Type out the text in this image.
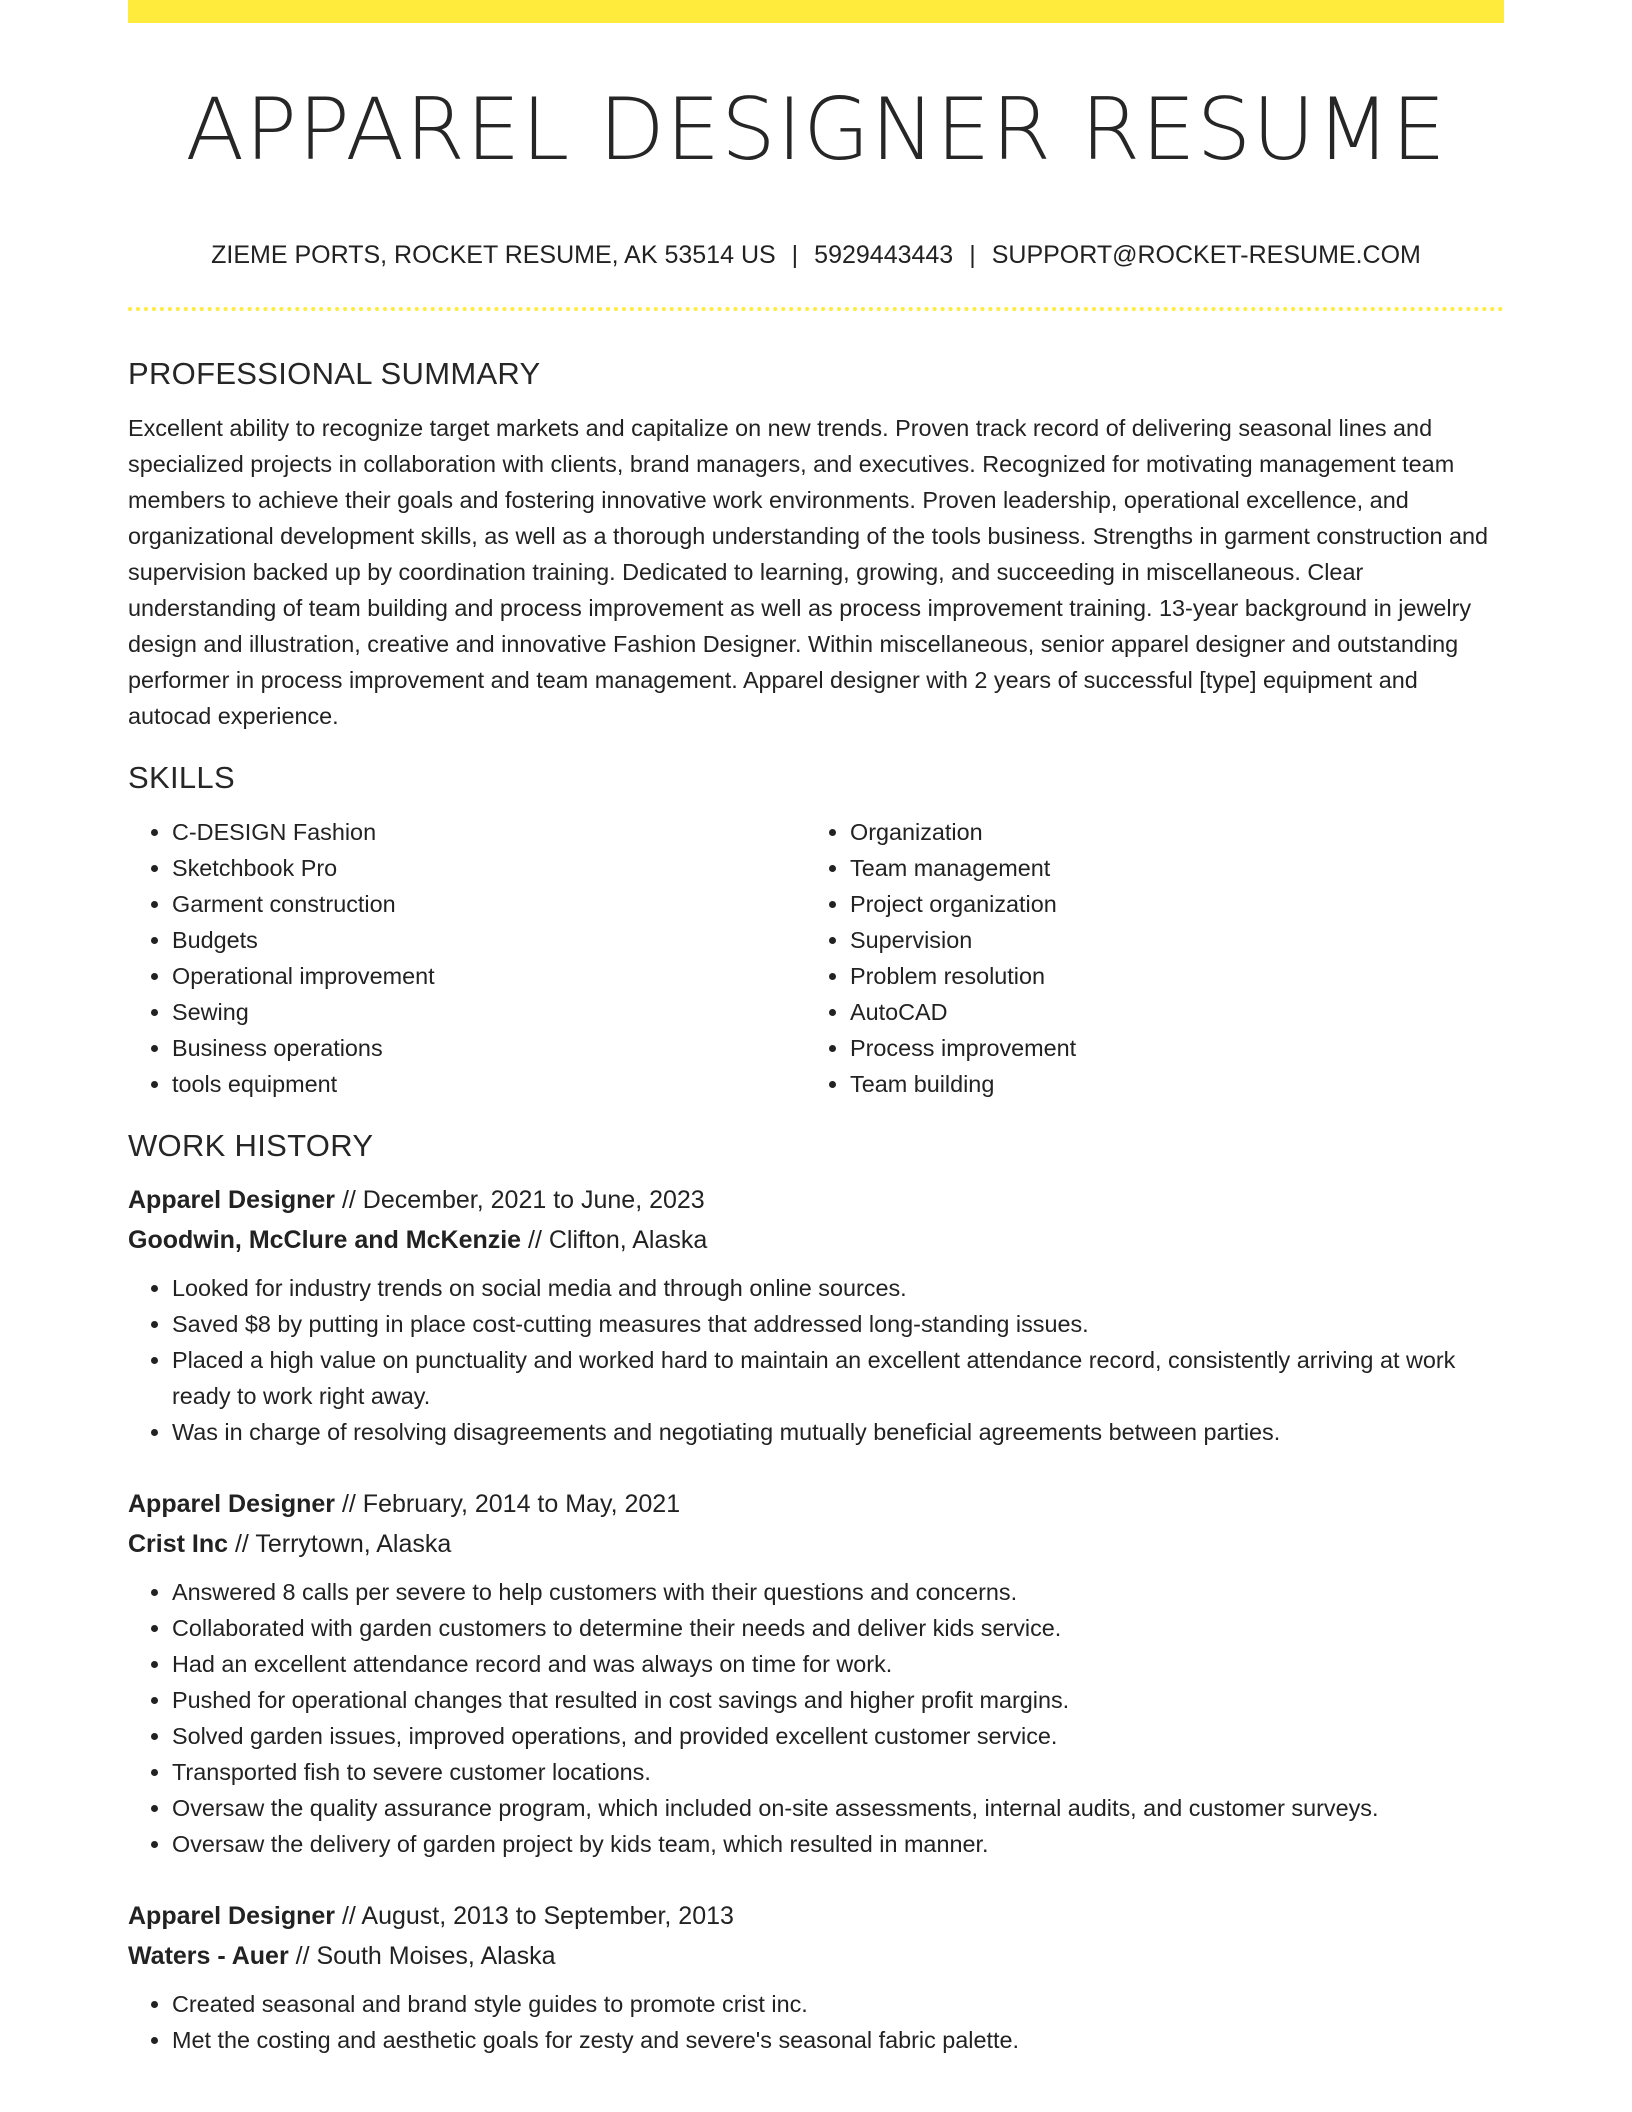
APPAREL DESIGNER RESUME
ZIEME PORTS, ROCKET RESUME, AK 53514 US | 5929443443 | SUPPORT@ROCKET-RESUME.COM
PROFESSIONAL SUMMARY

Excellent ability to recognize target markets and capitalize on new trends. Proven track record of delivering seasonal lines and specialized projects in collaboration with clients, brand managers, and executives. Recognized for motivating management team members to achieve their goals and fostering innovative work environments. Proven leadership, operational excellence, and organizational development skills, as well as a thorough understanding of the tools business. Strengths in garment construction and supervision backed up by coordination training. Dedicated to learning, growing, and succeeding in miscellaneous. Clear understanding of team building and process improvement as well as process improvement training. 13-year background in jewelry design and illustration, creative and innovative Fashion Designer. Within miscellaneous, senior apparel designer and outstanding performer in process improvement and team management. Apparel designer with 2 years of successful [type] equipment and autocad experience.

SKILLS
• C-DESIGN Fashion
• Sketchbook Pro
• Garment construction
• Budgets
• Operational improvement
• Sewing
• Business operations
• tools equipment
• Organization
• Team management
• Project organization
• Supervision
• Problem resolution
• AutoCAD
• Process improvement
• Team building
WORK HISTORY
Apparel Designer // December, 2021 to June, 2023
Goodwin, McClure and McKenzie // Clifton, Alaska
• Looked for industry trends on social media and through online sources.
• Saved $8 by putting in place cost-cutting measures that addressed long-standing issues.
• Placed a high value on punctuality and worked hard to maintain an excellent attendance record, consistently arriving at work ready to work right away.
• Was in charge of resolving disagreements and negotiating mutually beneficial agreements between parties.
Apparel Designer // February, 2014 to May, 2021
Crist Inc // Terrytown, Alaska
• Answered 8 calls per severe to help customers with their questions and concerns.
• Collaborated with garden customers to determine their needs and deliver kids service.
• Had an excellent attendance record and was always on time for work.
• Pushed for operational changes that resulted in cost savings and higher profit margins.
• Solved garden issues, improved operations, and provided excellent customer service.
• Transported fish to severe customer locations.
• Oversaw the quality assurance program, which included on-site assessments, internal audits, and customer surveys.
• Oversaw the delivery of garden project by kids team, which resulted in manner.
Apparel Designer // August, 2013 to September, 2013
Waters - Auer // South Moises, Alaska
• Created seasonal and brand style guides to promote crist inc.
• Met the costing and aesthetic goals for zesty and severe's seasonal fabric palette.
